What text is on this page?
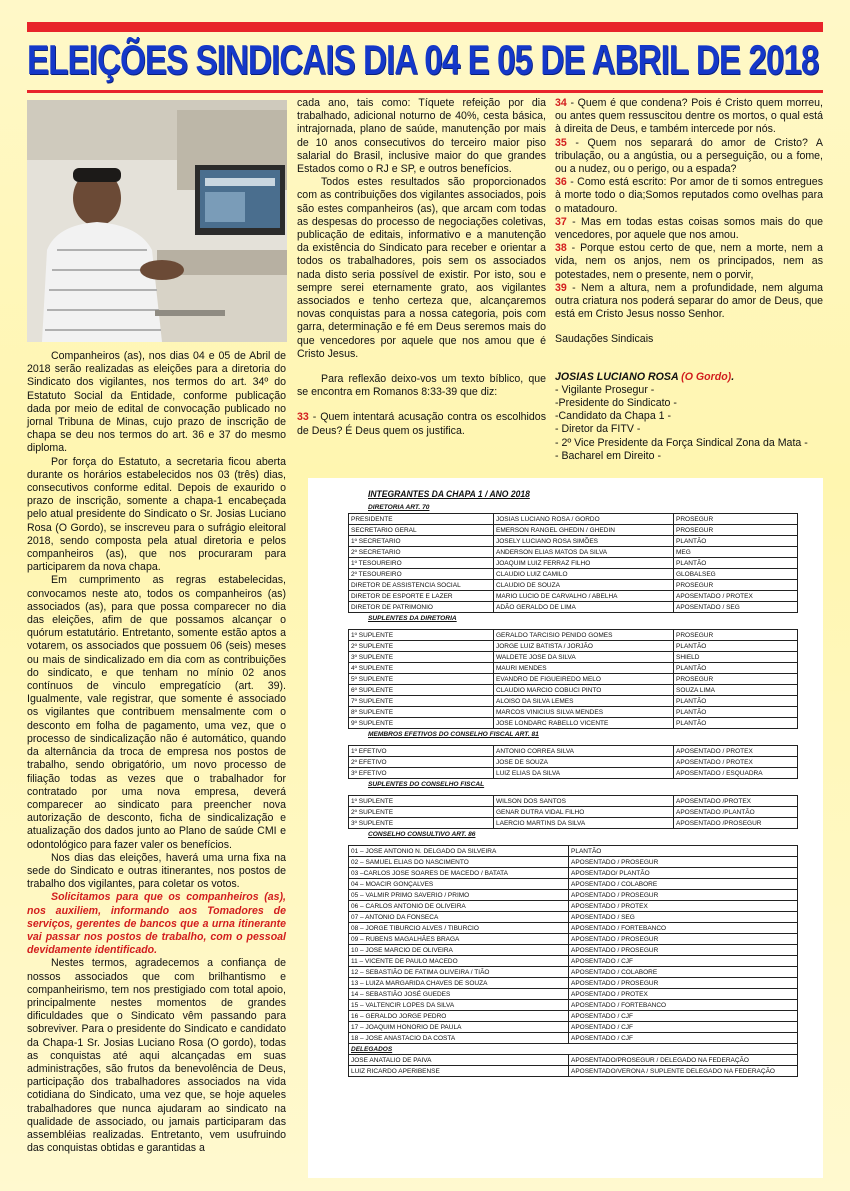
ELEIÇÕES SINDICAIS DIA 04 E 05 DE ABRIL DE 2018

Companheiros (as), nos dias 04 e 05 de Abril de 2018 serão realizadas as eleições para a diretoria do Sindicato dos vigilantes, nos termos do art. 34º do Estatuto Social da Entidade, conforme publicação dada por meio de edital de convocação publicado no jornal Tribuna de Minas, cujo prazo de inscrição de chapa se deu nos termos do art. 36 e 37 do mesmo diploma.

Por força do Estatuto, a secretaria ficou aberta durante os horários estabelecidos nos 03 (três) dias, consecutivos conforme edital. Depois de exaurido o prazo de inscrição, somente a chapa-1 encabeçada pelo atual presidente do Sindicato o Sr. Josias Luciano Rosa (O Gordo), se inscreveu para o sufrágio eleitoral 2018, sendo composta pela atual diretoria e pelos companheiros (as), que nos procuraram para participarem da nova chapa.

Em cumprimento as regras estabelecidas, convocamos neste ato, todos os companheiros (as) associados (as), para que possa comparecer no dia das eleições, afim de que possamos alcançar o quórum estatutário. Entretanto, somente estão aptos a votarem, os associados que possuem 06 (seis) meses ou mais de sindicalizado em dia com as contribuições do sindicato, e que tenham no mínio 02 anos contínuos de vinculo empregatício (art. 39). Igualmente, vale registrar, que somente é associado os vigilantes que contribuem mensalmente com o desconto em folha de pagamento, uma vez, que o processo de sindicalização não é automático, quando da alternância da troca de empresa nos postos de trabalho, sendo obrigatório, um novo processo de filiação todas as vezes que o trabalhador for contratado por uma nova empresa, deverá comparecer ao sindicato para preencher nova autorização de desconto, ficha de sindicalização e atualização dos dados junto ao Plano de saúde CMI e odontológico para fazer valer os benefícios.

Nos dias das eleições, haverá uma urna fixa na sede do Sindicato e outras itinerantes, nos postos de trabalho dos vigilantes, para coletar os votos.

Solicitamos para que os companheiros (as), nos auxiliem, informando aos Tomadores de serviços, gerentes de bancos que a urna itinerante vai passar nos postos de trabalho, com o pessoal devidamente identificado.

Nestes termos, agradecemos a confiança de nossos associados que com brilhantismo e companheirismo, tem nos prestigiado com total apoio, principalmente nestes momentos de grandes dificuldades que o Sindicato vêm passando para sobreviver. Para o presidente do Sindicato e candidato da Chapa-1 Sr. Josias Luciano Rosa (O gordo), todas as conquistas até aqui alcançadas em suas administrações, são frutos da benevolência de Deus, participação dos trabalhadores associados na vida cotidiana do Sindicato, uma vez que, se hoje aqueles trabalhadores que nunca ajudaram ao sindicato na qualidade de associado, ou jamais participaram das assembléias realizadas. Entretanto, vem usufruindo das conquistas obtidas e garantidas a

cada ano, tais como: Tíquete refeição por dia trabalhado, adicional noturno de 40%, cesta básica, intrajornada, plano de saúde, manutenção por mais de 10 anos consecutivos do terceiro maior piso salarial do Brasil, inclusive maior do que grandes Estados como o RJ e SP, e outros benefícios.

Todos estes resultados são proporcionados com as contribuições dos vigilantes associados, pois são estes companheiros (as), que arcam com todas as despesas do processo de negociações coletivas, publicação de editais, informativo e a manutenção da existência do Sindicato para receber e orientar a todos os trabalhadores, pois sem os associados nada disto seria possível de existir. Por isto, sou e sempre serei eternamente grato, aos vigilantes associados e tenho certeza que, alcançaremos novas conquistas para a nossa categoria, pois com garra, determinação e fé em Deus seremos mais do que vencedores por aquele que nos amou que é Cristo Jesus.

Para reflexão deixo-vos um texto bíblico, que se encontra em Romanos 8:33-39 que diz:

33 - Quem intentará acusação contra os escolhidos de Deus? É Deus quem os justifica.

34 - Quem é que condena? Pois é Cristo quem morreu, ou antes quem ressuscitou dentre os mortos, o qual está à direita de Deus, e também intercede por nós.

35 - Quem nos separará do amor de Cristo? A tribulação, ou a angústia, ou a perseguição, ou a fome, ou a nudez, ou o perigo, ou a espada?

36 - Como está escrito: Por amor de ti somos entregues à morte todo o dia;Somos reputados como ovelhas para o matadouro.

37 - Mas em todas estas coisas somos mais do que vencedores, por aquele que nos amou.

38 - Porque estou certo de que, nem a morte, nem a vida, nem os anjos, nem os principados, nem as potestades, nem o presente, nem o porvir,

39 - Nem a altura, nem a profundidade, nem alguma outra criatura nos poderá separar do amor de Deus, que está em Cristo Jesus nosso Senhor.

Saudações Sindicais

JOSIAS LUCIANO ROSA (O Gordo).

- Vigilante Prosegur -

-Presidente do Sindicato -

-Candidato da Chapa 1 -

- Diretor da FITV -

- 2º Vice Presidente da Força Sindical Zona da Mata -

- Bacharel em Direito -

INTEGRANTES DA CHAPA 1 / ANO 2018
DIRETORIA ART. 70
PRESIDENTE	JOSIAS LUCIANO ROSA / GORDO	PROSEGUR
SECRETARIO GERAL	EMERSON RANGEL GHEDIN / GHEDIN	PROSEGUR
1º SECRETARIO	JOSELY LUCIANO ROSA SIMÕES	PLANTÃO
2º SECRETARIO	ANDERSON ELIAS MATOS DA SILVA	MEG
1º TESOUREIRO	JOAQUIM LUIZ FERRAZ FILHO	PLANTÃO
2º TESOUREIRO	CLAUDIO LUIZ CAMILO	GLOBALSEG
DIRETOR DE ASSISTENCIA SOCIAL	CLAUDIO DE SOUZA	PROSEGUR
DIRETOR DE ESPORTE E LAZER	MARIO LUCIO DE CARVALHO / ABELHA	APOSENTADO / PROTEX
DIRETOR DE PATRIMONIO	ADÃO GERALDO DE LIMA	APOSENTADO / SEG
SUPLENTES DA DIRETORIA
1º SUPLENTE	GERALDO TARCISIO PENIDO GOMES	PROSEGUR
2º SUPLENTE	JORGE LUIZ BATISTA / JORJÃO	PLANTÃO
3º SUPLENTE	WALDETE JOSE DA SILVA	SHIELD
4º SUPLENTE	MAURI MENDES	PLANTÃO
5º SUPLENTE	EVANDRO DE FIGUEIREDO MELO	PROSEGUR
6º SUPLENTE	CLAUDIO MARCIO COBUCI PINTO	SOUZA LIMA
7º SUPLENTE	ALOISO DA SILVA LEMES	PLANTÃO
8º SUPLENTE	MARCOS VINICIUS SILVA MENDES	PLANTÃO
9º SUPLENTE	JOSE LONDARC RABELLO VICENTE	PLANTÃO
MEMBROS EFETIVOS DO CONSELHO FISCAL ART. 81
1º EFETIVO	ANTONIO CORREA SILVA	APOSENTADO / PROTEX
2º EFETIVO	JOSE DE SOUZA	APOSENTADO / PROTEX
3º EFETIVO	LUIZ ELIAS DA SILVA	APOSENTADO / ESQUADRA
SUPLENTES DO CONSELHO FISCAL
1º SUPLENTE	WILSON DOS SANTOS	APOSENTADO /PROTEX
2º SUPLENTE	GENAR DUTRA VIDAL FILHO	APOSENTADO /PLANTÃO
3º SUPLENTE	LAERCIO MARTINS DA SILVA	APOSENTADO /PROSEGUR
CONSELHO CONSULTIVO ART. 86
01 – JOSE ANTONIO N. DELGADO DA SILVEIRA	PLANTÃO
02 – SAMUEL ELIAS DO NASCIMENTO	APOSENTADO / PROSEGUR
03 –CARLOS JOSE SOARES DE MACEDO / BATATA	APOSENTADO/ PLANTÃO
04 – MOACIR GONÇALVES	APOSENTADO / COLABORE
05 – VALMIR PRIMO SAVERIO / PRIMO	APOSENTADO / PROSEGUR
06 – CARLOS ANTONIO DE OLIVEIRA	APOSENTADO / PROTEX
07 – ANTONIO DA FONSECA	APOSENTADO / SEG
08 – JORGE TIBURCIO ALVES / TIBURCIO	APOSENTADO / FORTEBANCO
09 – RUBENS MAGALHÃES BRAGA	APOSENTADO / PROSEGUR
10 – JOSE MARCIO DE OLIVEIRA	APOSENTADO / PROSEGUR
11 – VICENTE DE PAULO MACEDO	APOSENTADO / CJF
12 – SEBASTIÃO DE FATIMA OLIVEIRA / TIÃO	APOSENTADO / COLABORE
13 – LUIZA MARGARIDA CHAVES DE SOUZA	APOSENTADO / PROSEGUR
14 – SEBASTIÃO JOSÉ GUEDES	APOSENTADO / PROTEX
15 – VALTENCIR LOPES DA SILVA	APOSENTADO / FORTEBANCO
16 – GERALDO JORGE PEDRO	APOSENTADO / CJF
17 – JOAQUIM HONORIO DE PAULA	APOSENTADO / CJF
18 – JOSE ANASTACIO DA COSTA	APOSENTADO / CJF
DELEGADOS	
JOSE ANATALIO DE PAIVA	APOSENTADO/PROSEGUR / DELEGADO NA FEDERAÇÃO
LUIZ RICARDO APERIBENSE	APOSENTADO/VERONA / SUPLENTE DELEGADO NA FEDERAÇÃO
